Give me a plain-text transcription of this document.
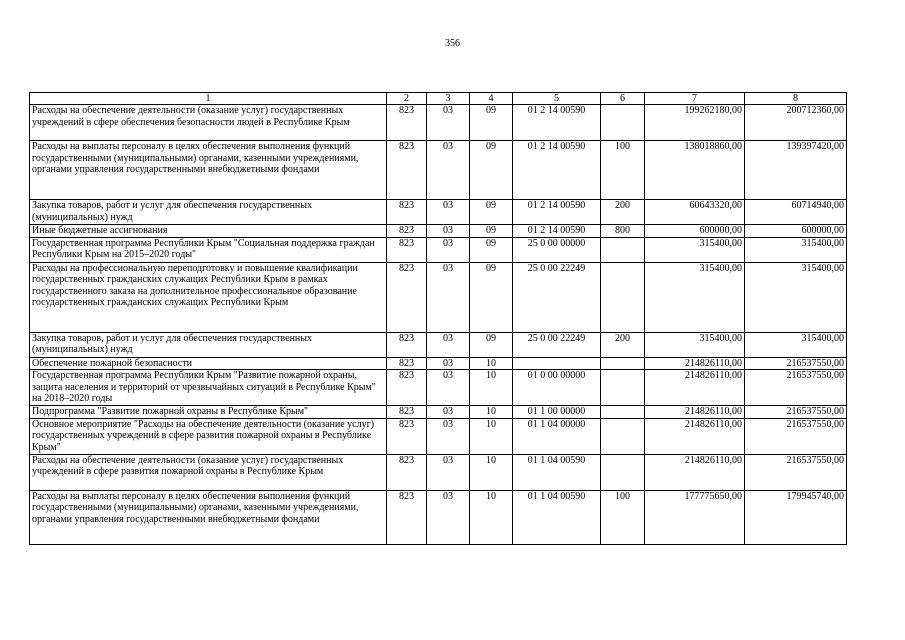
356
1	2	3	4	5	6	7	8
Расходы на обеспечение деятельности (оказание услуг) государственных учреждений в сфере обеспечения безопасности людей в Республике Крым	823	03	09	01 2 14 00590		199262180,00	200712360,00
Расходы на выплаты персоналу в целях обеспечения выполнения функций государственными (муниципальными) органами, казенными учреждениями, органами управления государственными внебюджетными фондами	823	03	09	01 2 14 00590	100	138018860,00	139397420,00
Закупка товаров, работ и услуг для обеспечения государственных (муниципальных) нужд	823	03	09	01 2 14 00590	200	60643320,00	60714940,00
Иные бюджетные ассигнования	823	03	09	01 2 14 00590	800	600000,00	600000,00
Государственная программа Республики Крым "Социальная поддержка граждан Республики Крым на 2015–2020 годы"	823	03	09	25 0 00 00000		315400,00	315400,00
Расходы на профессиональную переподготовку и повышение квалификации государственных гражданских служащих Республики Крым в рамках государственного заказа на дополнительное профессиональное образование государственных гражданских служащих Республики Крым	823	03	09	25 0 00 22249		315400,00	315400,00
Закупка товаров, работ и услуг для обеспечения государственных (муниципальных) нужд	823	03	09	25 0 00 22249	200	315400,00	315400,00
Обеспечение пожарной безопасности	823	03	10			214826110,00	216537550,00
Государственная программа Республики Крым "Развитие пожарной охраны, защита населения и территорий от чрезвычайных ситуаций в Республике Крым" на 2018–2020 годы	823	03	10	01 0 00 00000		214826110,00	216537550,00
Подпрограмма "Развитие пожарной охраны в Республике Крым"	823	03	10	01 1 00 00000		214826110,00	216537550,00
Основное мероприятие "Расходы на обеспечение деятельности (оказание услуг) государственных учреждений в сфере развития пожарной охраны в Республике Крым"	823	03	10	01 1 04 00000		214826110,00	216537550,00
Расходы на обеспечение деятельности (оказание услуг) государственных учреждений в сфере развития пожарной охраны в Республике Крым	823	03	10	01 1 04 00590		214826110,00	216537550,00
Расходы на выплаты персоналу в целях обеспечения выполнения функций государственными (муниципальными) органами, казенными учреждениями, органами управления государственными внебюджетными фондами	823	03	10	01 1 04 00590	100	177775650,00	179945740,00
